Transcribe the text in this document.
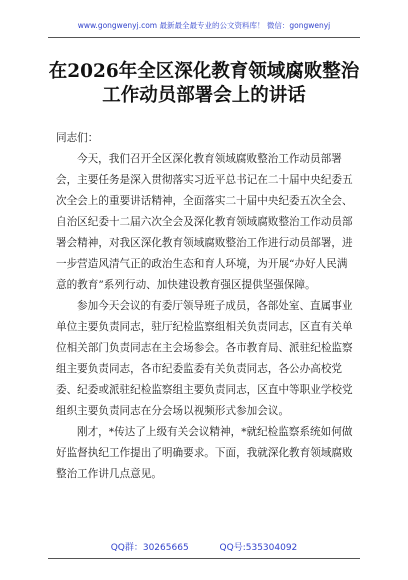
www.gongwenyj.com 最新最全最专业的公文资料库！ 微信：gongwenyj
在2026年全区深化教育领域腐败整治工作动员部署会上的讲话

同志们：

今天，我们召开全区深化教育领域腐败整治工作动员部署会，主要任务是深入贯彻落实习近平总书记在二十届中央纪委五次全会上的重要讲话精神，全面落实二十届中央纪委五次全会、自治区纪委十二届六次全会及深化教育领域腐败整治工作动员部署会精神，对我区深化教育领域腐败整治工作进行动员部署，进一步营造风清气正的政治生态和育人环境，为开展“办好人民满意的教育”系列行动、加快建设教育强区提供坚强保障。

参加今天会议的有委厅领导班子成员，各部处室、直属事业单位主要负责同志，驻厅纪检监察组相关负责同志，区直有关单位相关部门负责同志在主会场参会。各市教育局、派驻纪检监察组主要负责同志，各市纪委监委有关负责同志，各公办高校党委、纪委或派驻纪检监察组主要负责同志，区直中等职业学校党组织主要负责同志在分会场以视频形式参加会议。

刚才，*传达了上级有关会议精神，*就纪检监察系统如何做好监督执纪工作提出了明确要求。下面，我就深化教育领域腐败整治工作讲几点意见。

QQ群：30265665	QQ号:535304092
